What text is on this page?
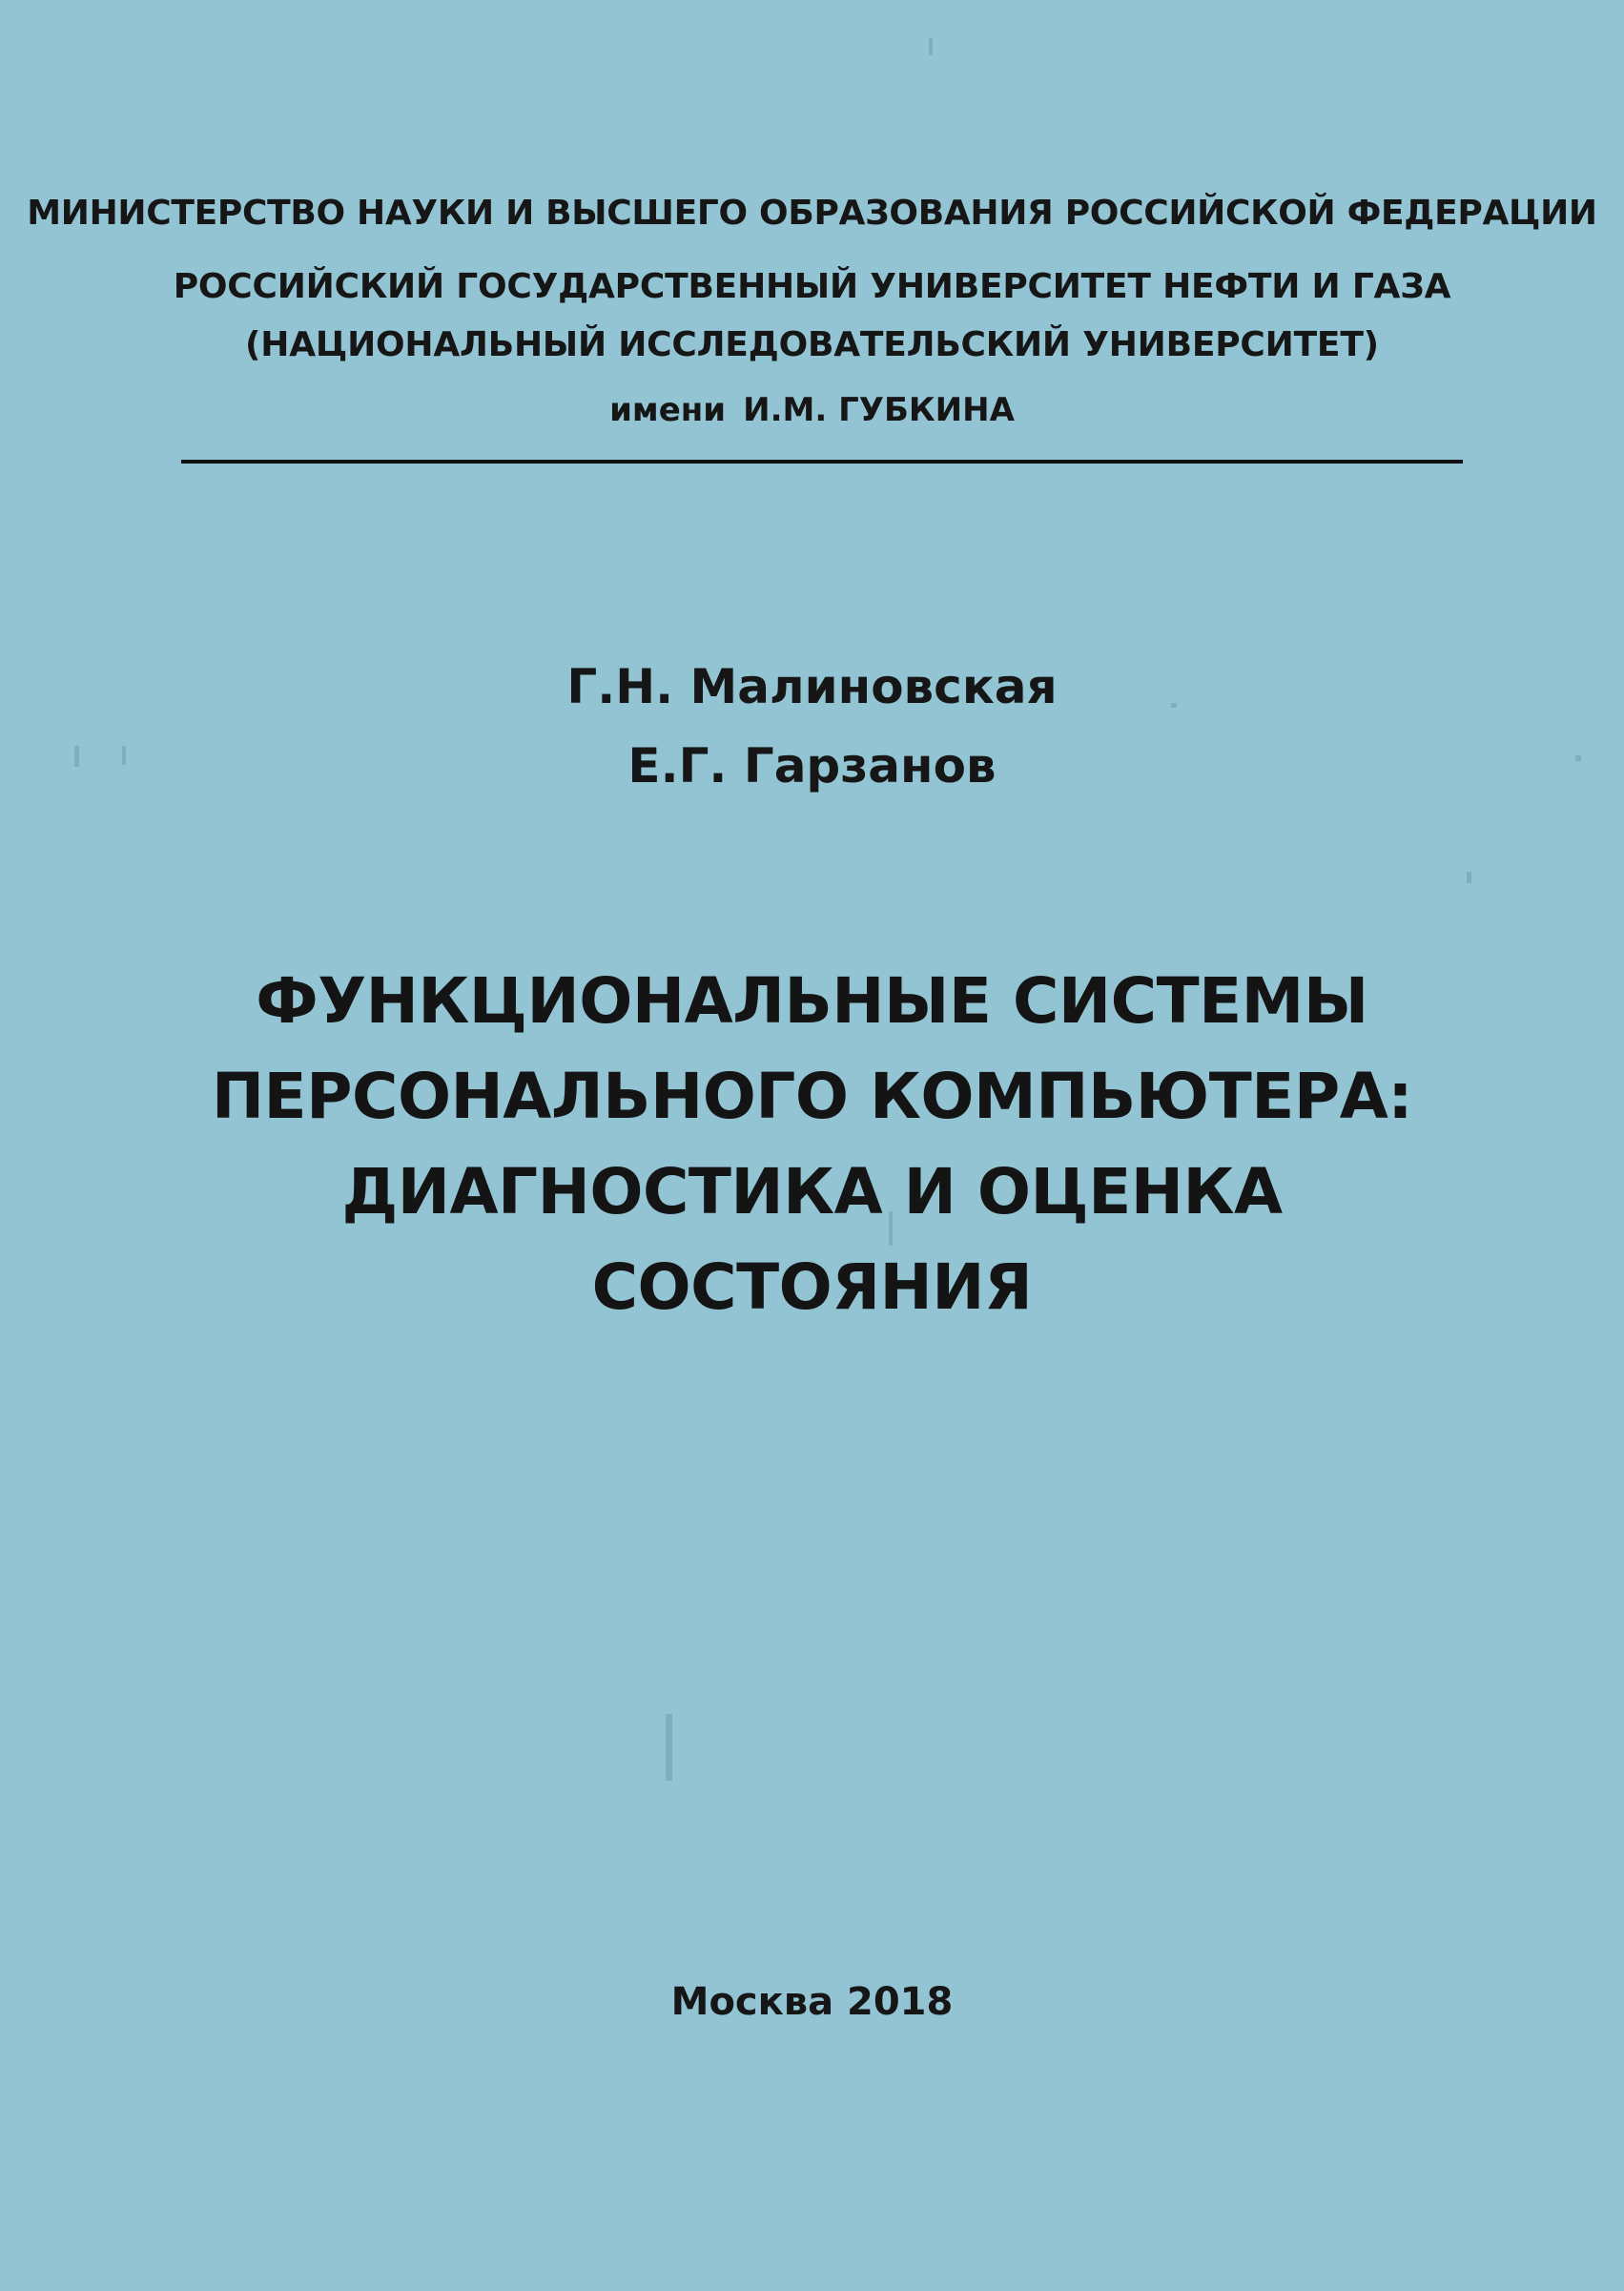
МИНИСТЕРСТВО НАУКИ И ВЫСШЕГО ОБРАЗОВАНИЯ РОССИЙСКОЙ ФЕДЕРАЦИИ
РОССИЙСКИЙ ГОСУДАРСТВЕННЫЙ УНИВЕРСИТЕТ НЕФТИ И ГАЗА
(НАЦИОНАЛЬНЫЙ ИССЛЕДОВАТЕЛЬСКИЙ УНИВЕРСИТЕТ)
имени И.М. ГУБКИНА
Г.Н. Малиновская
Е.Г. Гарзанов
ФУНКЦИОНАЛЬНЫЕ СИСТЕМЫ
ПЕРСОНАЛЬНОГО КОМПЬЮТЕРА:
ДИАГНОСТИКА И ОЦЕНКА
СОСТОЯНИЯ
Москва 2018
